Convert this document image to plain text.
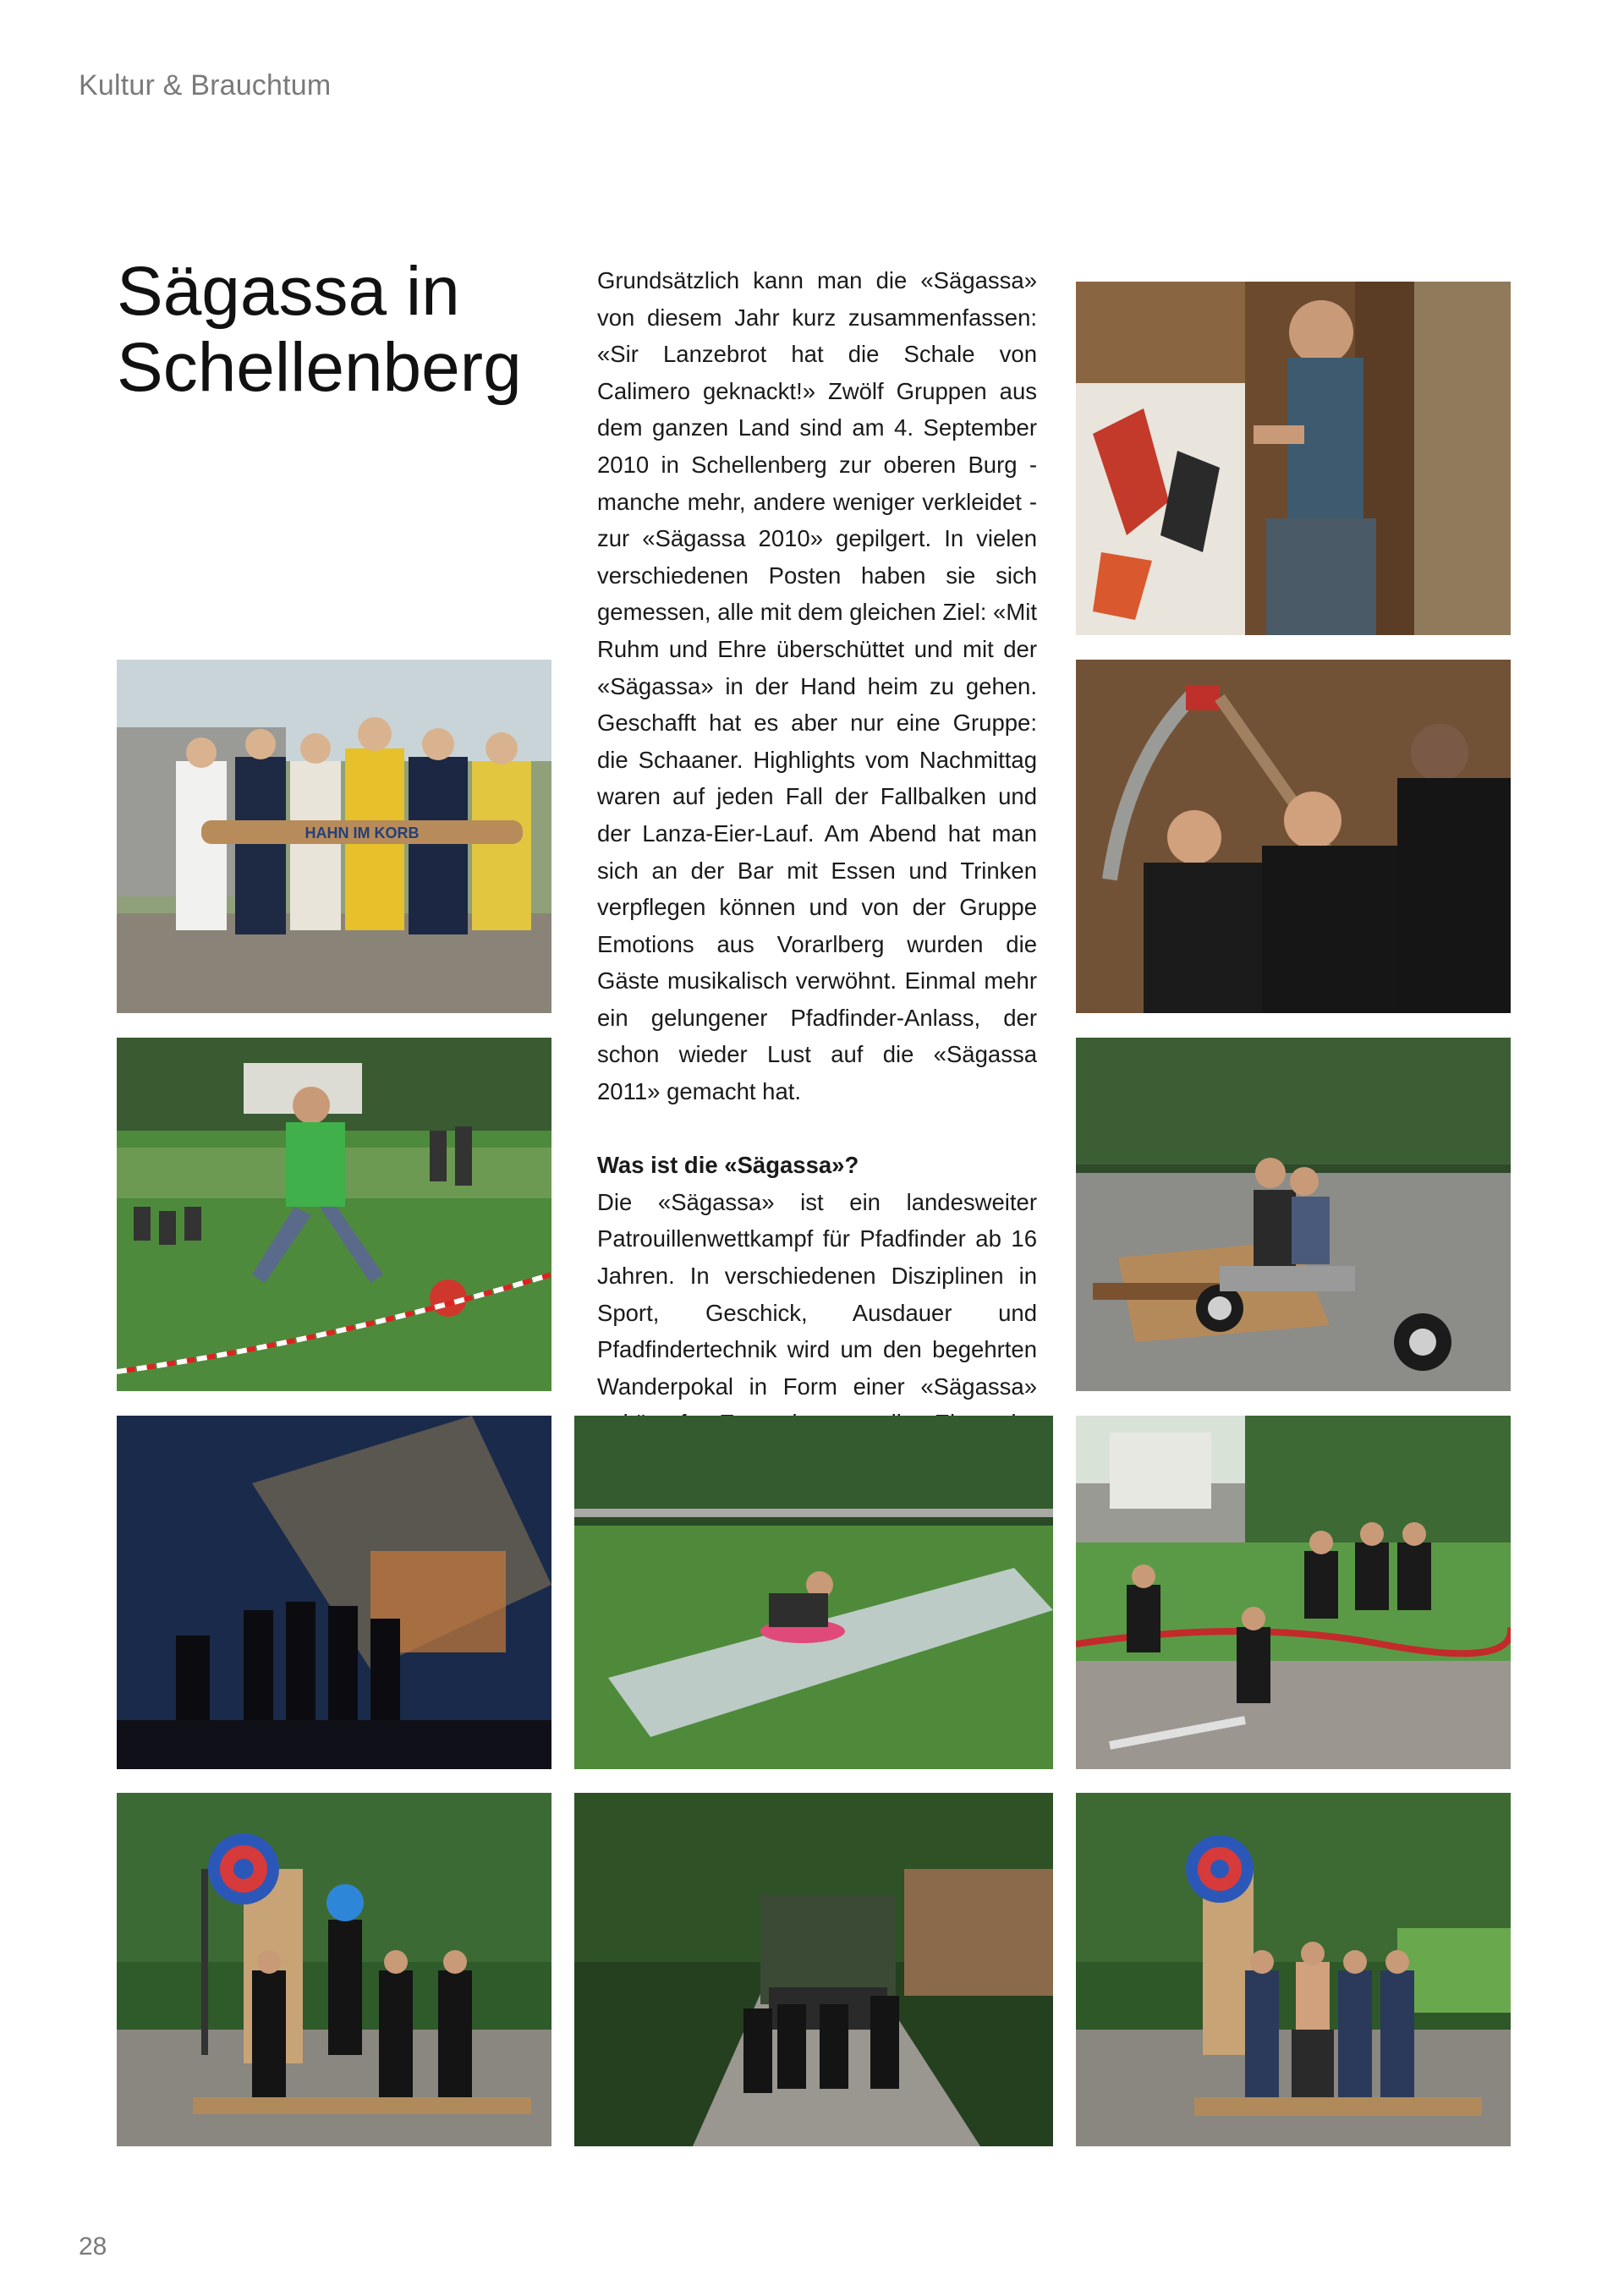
Kultur & Brauchtum
Sägassa in
Schellenberg

Grundsätzlich kann man die «Sägassa» von diesem Jahr kurz zusammenfassen: «Sir Lanzebrot hat die Schale von Calimero geknackt!» Zwölf Gruppen aus dem ganzen Land sind am 4. September 2010 in Schellenberg zur oberen Burg - manche mehr, andere weniger verkleidet - zur «Sägassa 2010» gepilgert. In vielen verschiedenen Posten haben sie sich gemessen, alle mit dem gleichen Ziel: «Mit Ruhm und Ehre überschüttet und mit der «Sägassa» in der Hand heim zu gehen. Geschafft hat es aber nur eine Gruppe: die Schaaner. Highlights vom Nachmittag waren auf jeden Fall der Fallbalken und der Lanza-Eier-Lauf. Am Abend hat man sich an der Bar mit Essen und Trinken verpflegen können und von der Gruppe Emotions aus Vorarlberg wurden die Gäste musikalisch verwöhnt. Einmal mehr ein gelungener Pfadfinder-Anlass, der schon wieder Lust auf die «Sägassa 2011» gemacht hat.

Was ist die «Sägassa»?

Die «Sägassa» ist ein landesweiter Patrouillenwettkampf für Pfadfinder ab 16 Jahren. In verschiedenen Disziplinen in Sport, Geschick, Ausdauer und Pfadfindertechnik wird um den begehrten Wanderpokal in Form einer «Sägassa»

HAHN IM KORB
28
